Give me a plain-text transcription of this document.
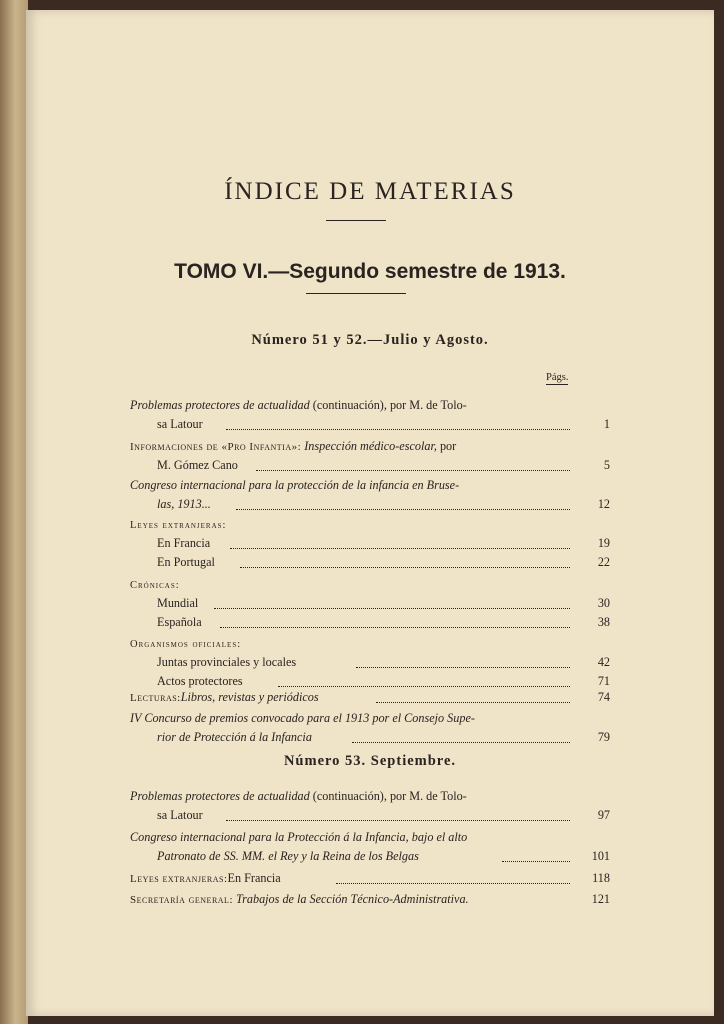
ÍNDICE DE MATERIAS
TOMO VI.—Segundo semestre de 1913.
Número 51 y 52.—Julio y Agosto.
Págs.
Problemas protectores de actualidad (continuación), por M. de Tolo-
sa Latour	1
Informaciones de «Pro Infantia»: Inspección médico-escolar, por
M. Gómez Cano	5
Congreso internacional para la protección de la infancia en Bruse-
las, 1913...	12
Leyes extranjeras:
En Francia	19
En Portugal	22
Crónicas:
Mundial	30
Española	38
Organismos oficiales:
Juntas provinciales y locales	42
Actos protectores	71
Lecturas:Libros, revistas y periódicos	74
IV Concurso de premios convocado para el 1913 por el Consejo Supe-
rior de Protección á la Infancia	79
Número 53. Septiembre.
Problemas protectores de actualidad (continuación), por M. de Tolo-
sa Latour	97
Congreso internacional para la Protección á la Infancia, bajo el alto
Patronato de SS. MM. el Rey y la Reina de los Belgas	101
Leyes extranjeras:En Francia	118
Secretaría general: Trabajos de la Sección Técnico-Administrativa.	121
